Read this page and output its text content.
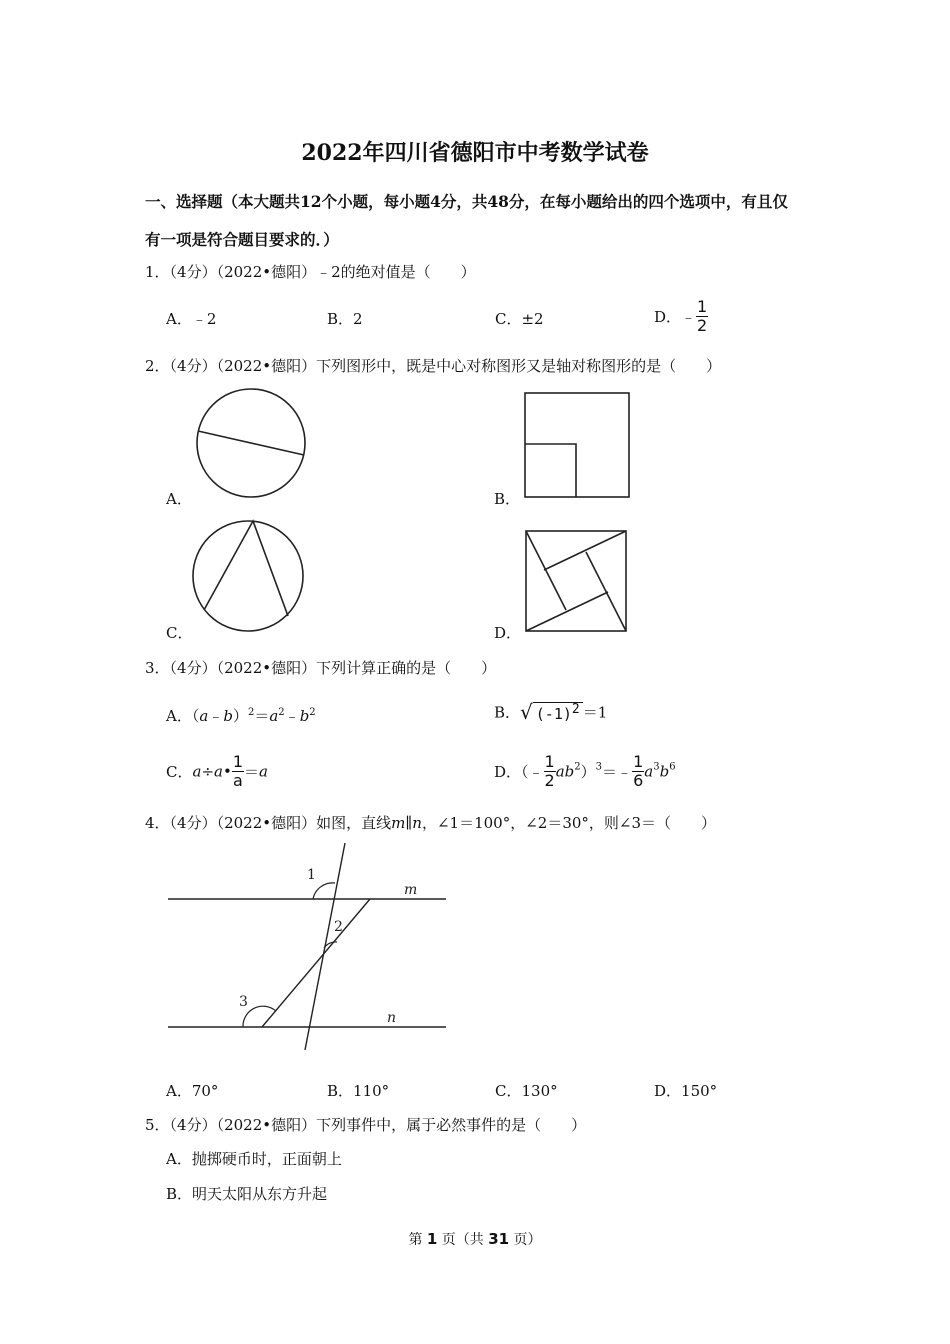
2022年四川省德阳市中考数学试卷
一、选择题（本大题共12个小题，每小题4分，共48分，在每小题给出的四个选项中，有且仅
有一项是符合题目要求的．）
1．（4分）（2022•德阳）﹣2的绝对值是（　　）
A．﹣2	B．2	C．±2	D．﹣ $\frac{1}{2}$
2．（4分）（2022•德阳）下列图形中，既是中心对称图形又是轴对称图形的是（　　）
A．	B．
C．	D．
3．（4分）（2022•德阳）下列计算正确的是（　　）
A．$(a﹣b)^2=a^2﹣b^2$	B．√ $(-1)^2 =1$
C．a÷a• $\frac{1}{a} =a$	D．（﹣ $\frac{1}{2}$ $ab^2)^3=﹣ \frac{1}{6} a^3b^6$
4．（4分）（2022•德阳）如图，直线m∥n，∠1＝100°，∠2＝30°，则∠3＝（　　）
1
2
3
m
n
A．70°	B．110°	C．130°	D．150°
5．（4分）（2022•德阳）下列事件中，属于必然事件的是（　　）
A．抛掷硬币时，正面朝上
B．明天太阳从东方升起
第 1 页（共 31 页）
